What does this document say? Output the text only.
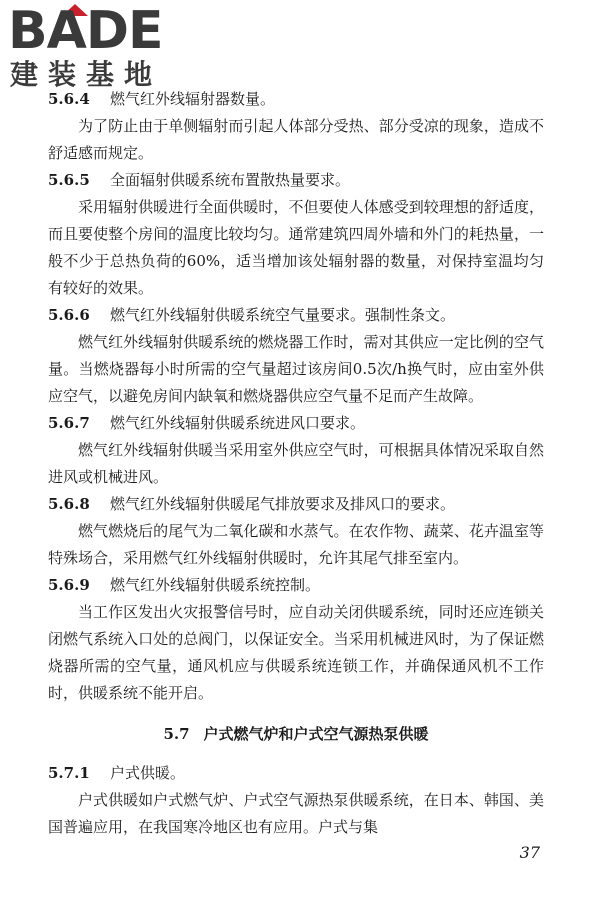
BADE
建装基地

5.6.4 燃气红外线辐射器数量。

为了防止由于单侧辐射而引起人体部分受热、部分受凉的现象，造成不舒适感而规定。

5.6.5 全面辐射供暖系统布置散热量要求。

采用辐射供暖进行全面供暖时，不但要使人体感受到较理想的舒适度，而且要使整个房间的温度比较均匀。通常建筑四周外墙和外门的耗热量，一般不少于总热负荷的60%，适当增加该处辐射器的数量，对保持室温均匀有较好的效果。

5.6.6 燃气红外线辐射供暖系统空气量要求。强制性条文。

燃气红外线辐射供暖系统的燃烧器工作时，需对其供应一定比例的空气量。当燃烧器每小时所需的空气量超过该房间0.5次/h换气时，应由室外供应空气，以避免房间内缺氧和燃烧器供应空气量不足而产生故障。

5.6.7 燃气红外线辐射供暖系统进风口要求。

燃气红外线辐射供暖当采用室外供应空气时，可根据具体情况采取自然进风或机械进风。

5.6.8 燃气红外线辐射供暖尾气排放要求及排风口的要求。

燃气燃烧后的尾气为二氧化碳和水蒸气。在农作物、蔬菜、花卉温室等特殊场合，采用燃气红外线辐射供暖时，允许其尾气排至室内。

5.6.9 燃气红外线辐射供暖系统控制。

当工作区发出火灾报警信号时，应自动关闭供暖系统，同时还应连锁关闭燃气系统入口处的总阀门，以保证安全。当采用机械进风时，为了保证燃烧器所需的空气量，通风机应与供暖系统连锁工作，并确保通风机不工作时，供暖系统不能开启。

5.7 户式燃气炉和户式空气源热泵供暖

5.7.1 户式供暖。

户式供暖如户式燃气炉、户式空气源热泵供暖系统，在日本、韩国、美国普遍应用，在我国寒冷地区也有应用。户式与集

37
